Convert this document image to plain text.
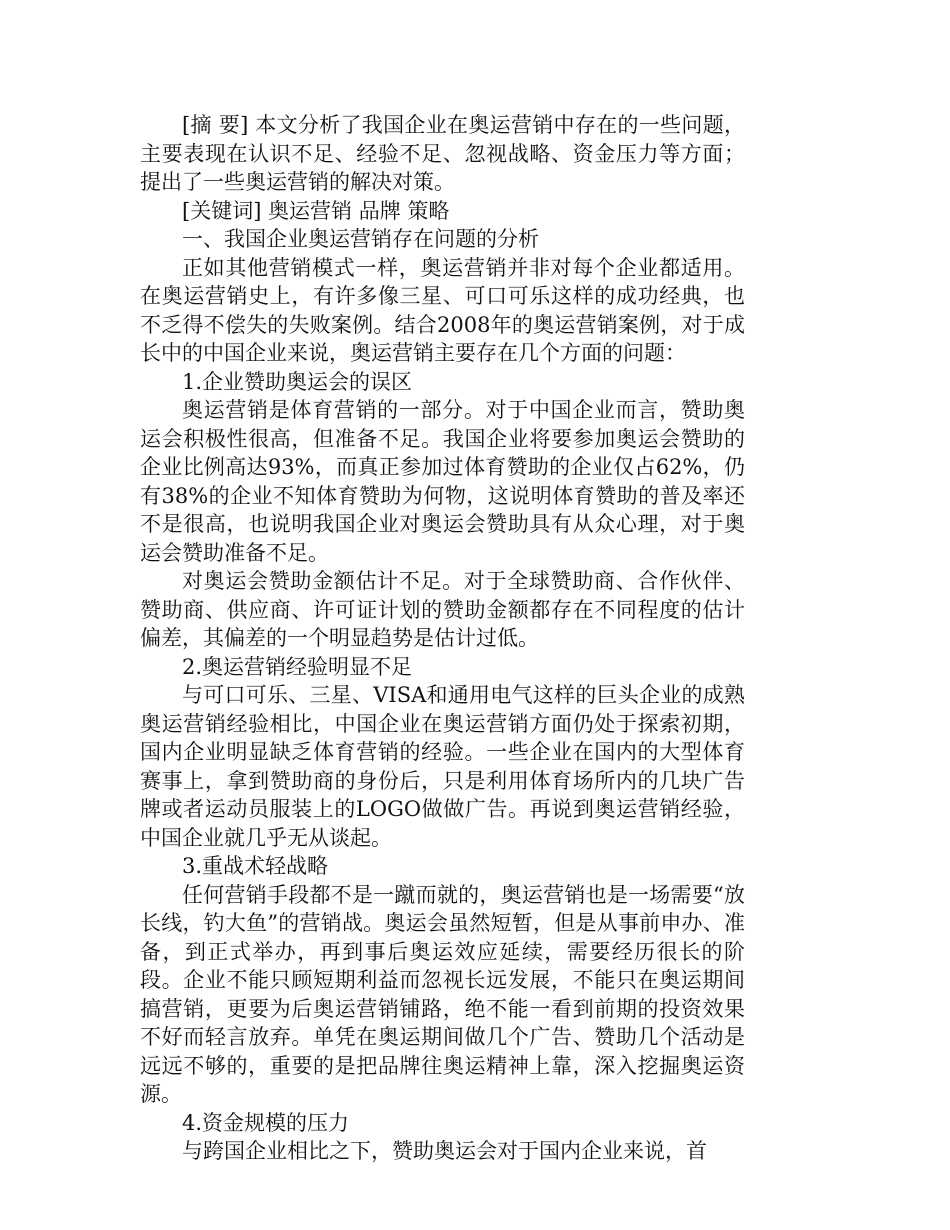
[摘 要] 本文分析了我国企业在奥运营销中存在的一些问题，主要表现在认识不足、经验不足、忽视战略、资金压力等方面；提出了一些奥运营销的解决对策。

[关键词] 奥运营销 品牌 策略

一、我国企业奥运营销存在问题的分析

正如其他营销模式一样，奥运营销并非对每个企业都适用。在奥运营销史上，有许多像三星、可口可乐这样的成功经典，也不乏得不偿失的失败案例。结合2008年的奥运营销案例，对于成长中的中国企业来说，奥运营销主要存在几个方面的问题：

1.企业赞助奥运会的误区

奥运营销是体育营销的一部分。对于中国企业而言，赞助奥运会积极性很高，但准备不足。我国企业将要参加奥运会赞助的企业比例高达93%，而真正参加过体育赞助的企业仅占62%，仍有38%的企业不知体育赞助为何物，这说明体育赞助的普及率还不是很高，也说明我国企业对奥运会赞助具有从众心理，对于奥运会赞助准备不足。

对奥运会赞助金额估计不足。对于全球赞助商、合作伙伴、赞助商、供应商、许可证计划的赞助金额都存在不同程度的估计偏差，其偏差的一个明显趋势是估计过低。

2.奥运营销经验明显不足

与可口可乐、三星、VISA和通用电气这样的巨头企业的成熟奥运营销经验相比，中国企业在奥运营销方面仍处于探索初期，国内企业明显缺乏体育营销的经验。一些企业在国内的大型体育赛事上，拿到赞助商的身份后，只是利用体育场所内的几块广告牌或者运动员服装上的LOGO做做广告。再说到奥运营销经验，中国企业就几乎无从谈起。

3.重战术轻战略

任何营销手段都不是一蹴而就的，奥运营销也是一场需要“放长线，钓大鱼”的营销战。奥运会虽然短暂，但是从事前申办、准备，到正式举办，再到事后奥运效应延续，需要经历很长的阶段。企业不能只顾短期利益而忽视长远发展，不能只在奥运期间搞营销，更要为后奥运营销铺路，绝不能一看到前期的投资效果不好而轻言放弃。单凭在奥运期间做几个广告、赞助几个活动是远远不够的，重要的是把品牌往奥运精神上靠，深入挖掘奥运资源。

4.资金规模的压力

与跨国企业相比之下，赞助奥运会对于国内企业来说，首
